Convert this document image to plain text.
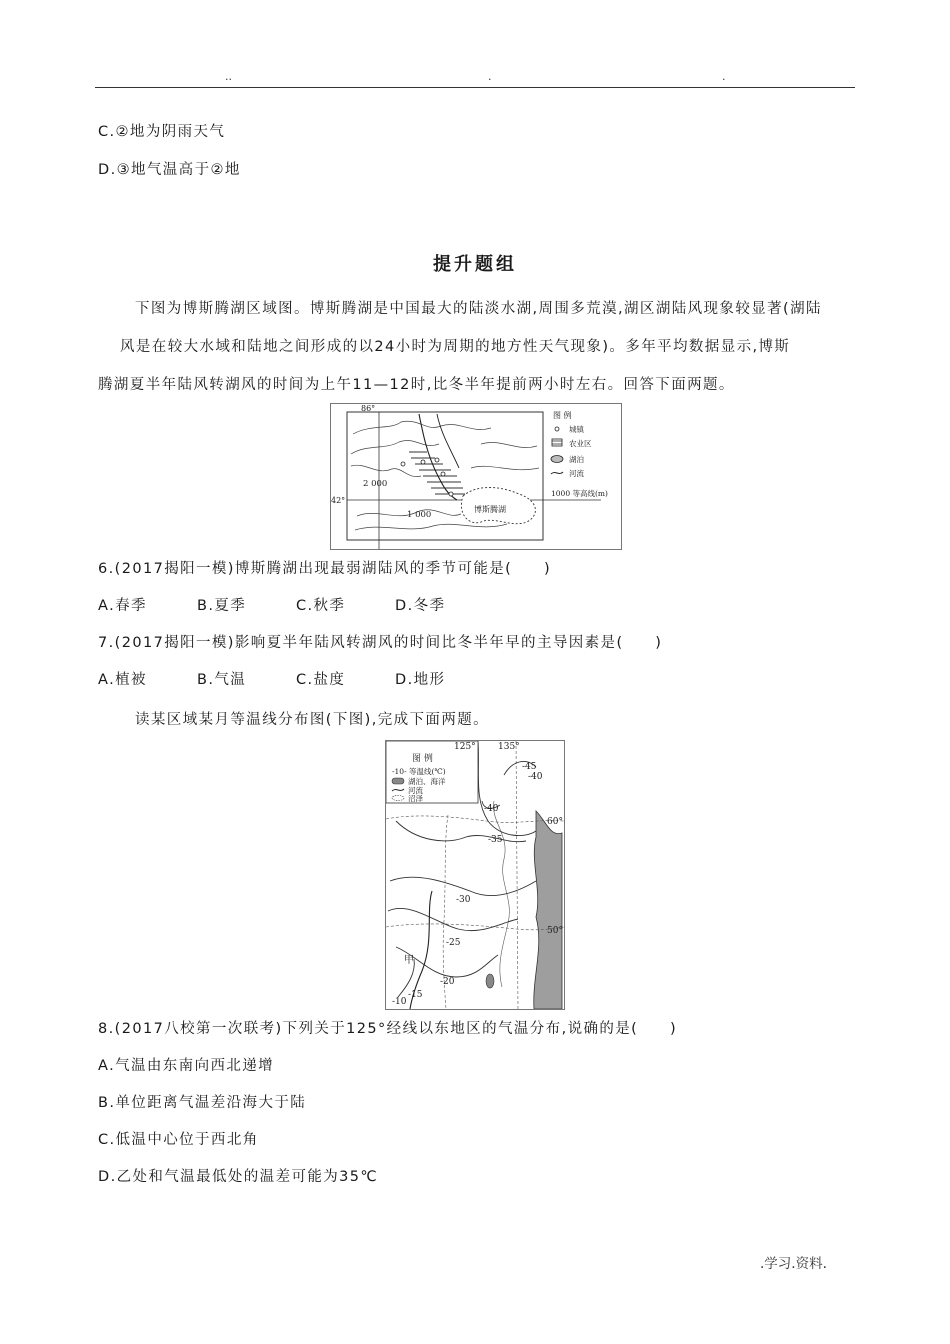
..	.	.
C.②地为阴雨天气
D.③地气温高于②地
提升题组
下图为博斯腾湖区域图。博斯腾湖是中国最大的陆淡水湖,周围多荒漠,湖区湖陆风现象较显著(湖陆
风是在较大水域和陆地之间形成的以24小时为周期的地方性天气现象)。多年平均数据显示,博斯
腾湖夏半年陆风转湖风的时间为上午11—12时,比冬半年提前两小时左右。回答下面两题。
86°
42°
2 000
1 000
博斯腾湖
图 例
城镇
农业区
湖泊
河流
1000 等高线(m)
6.(2017揭阳一模)博斯腾湖出现最弱湖陆风的季节可能是(　　)
A.春季	B.夏季	C.秋季	D.冬季
7.(2017揭阳一模)影响夏半年陆风转湖风的时间比冬半年早的主导因素是(　　)
A.植被	B.气温	C.盐度	D.地形
读某区域某月等温线分布图(下图),完成下面两题。
125° 135°
60°
50°
图 例
-10- 等温线(℃)
湖泊、海洋
河流
沼泽
-45
-40
-40
-35
-30
-25
-20
-15
-10
甲
8.(2017八校第一次联考)下列关于125°经线以东地区的气温分布,说确的是(　　)
A.气温由东南向西北递增
B.单位距离气温差沿海大于陆
C.低温中心位于西北角
D.乙处和气温最低处的温差可能为35℃
.学习.资料.
